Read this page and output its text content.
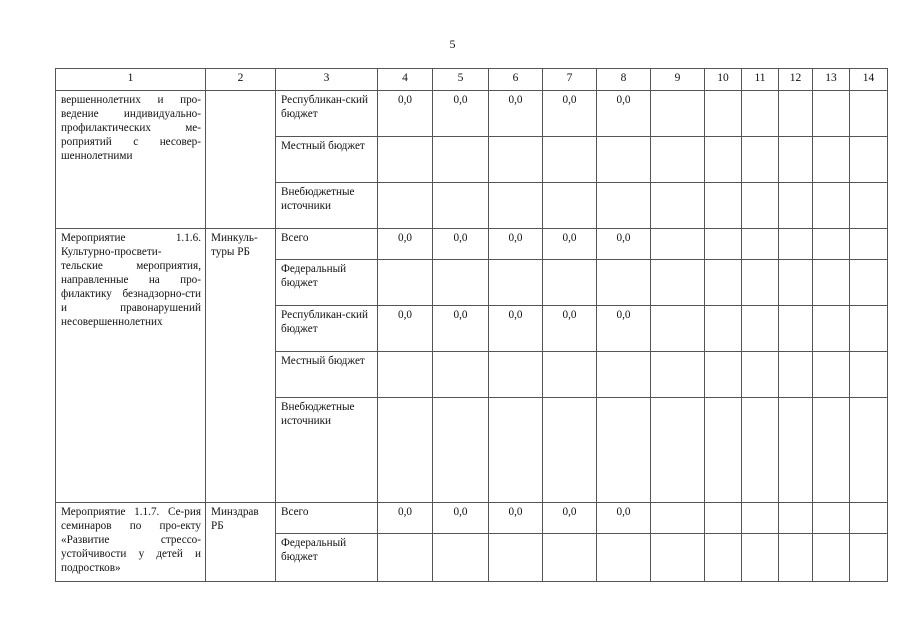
5
1	2	3	4	5	6	7	8	9	10	11	12	13	14
вершеннолетних и про-ведение индивидуально-профилактических ме-роприятий с несовер-шеннолетними		Республикан-ский бюджет	0,0	0,0	0,0	0,0	0,0						
		Местный бюджет											
		Внебюджетные источники											
Мероприятие 1.1.6. Культурно-просвети-тельские мероприятия, направленные на про-филактику безнадзорно-сти и правонарушений несовершеннолетних	Минкуль-туры РБ	Всего	0,0	0,0	0,0	0,0	0,0						
		Федеральный бюджет											
		Республикан-ский бюджет	0,0	0,0	0,0	0,0	0,0						
		Местный бюджет											
		Внебюджетные источники											
Мероприятие 1.1.7. Се-рия семинаров по про-екту «Развитие стрессо-устойчивости у детей и подростков»	Минздрав РБ	Всего	0,0	0,0	0,0	0,0	0,0						
		Федеральный бюджет											
